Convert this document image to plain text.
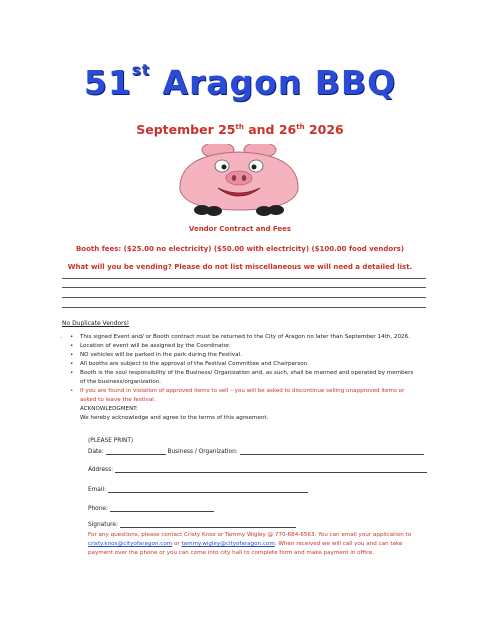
51st Aragon BBQ
September 25th and 26th 2026
Vendor Contract and Fees
Booth fees: ($25.00 no electricity) ($50.00 with electricity) ($100.00 food vendors)
What will you be vending? Please do not list miscellaneous we will need a detailed list.
No Duplicate Vendors!
- • This signed Event and/ or Booth contract must be returned to the City of Aragon no later than September 14th, 2026.
• Location of event will be assigned by the Coordinator.
• NO vehicles will be parked in the park during the Festival.
• All booths are subject to the approval of the Festival Committee and Chairperson.
• Booth is the soul responsibility of the Business/ Organization and, as such, shall be manned and operated by members
of the business/organization.
• If you are found in violation of approved items to sell – you will be asked to discontinue selling unapproved items or
asked to leave the festival.
ACKNOWLEDGMENT:
We hereby acknowledge and agree to the terms of this agreement.
(PLEASE PRINT)
Date:	Business / Organization:
Address:
Email:
Phone:
Signature:
For any questions, please contact Cristy Knox or Tammy Wigley @ 770-684-6563. You can email your application to
cristy.knox@cityofaragon.com or tammy.wigley@cityofaragon.com. When received we will call you and can take
payment over the phone or you can come into city hall to complete form and make payment in office.
